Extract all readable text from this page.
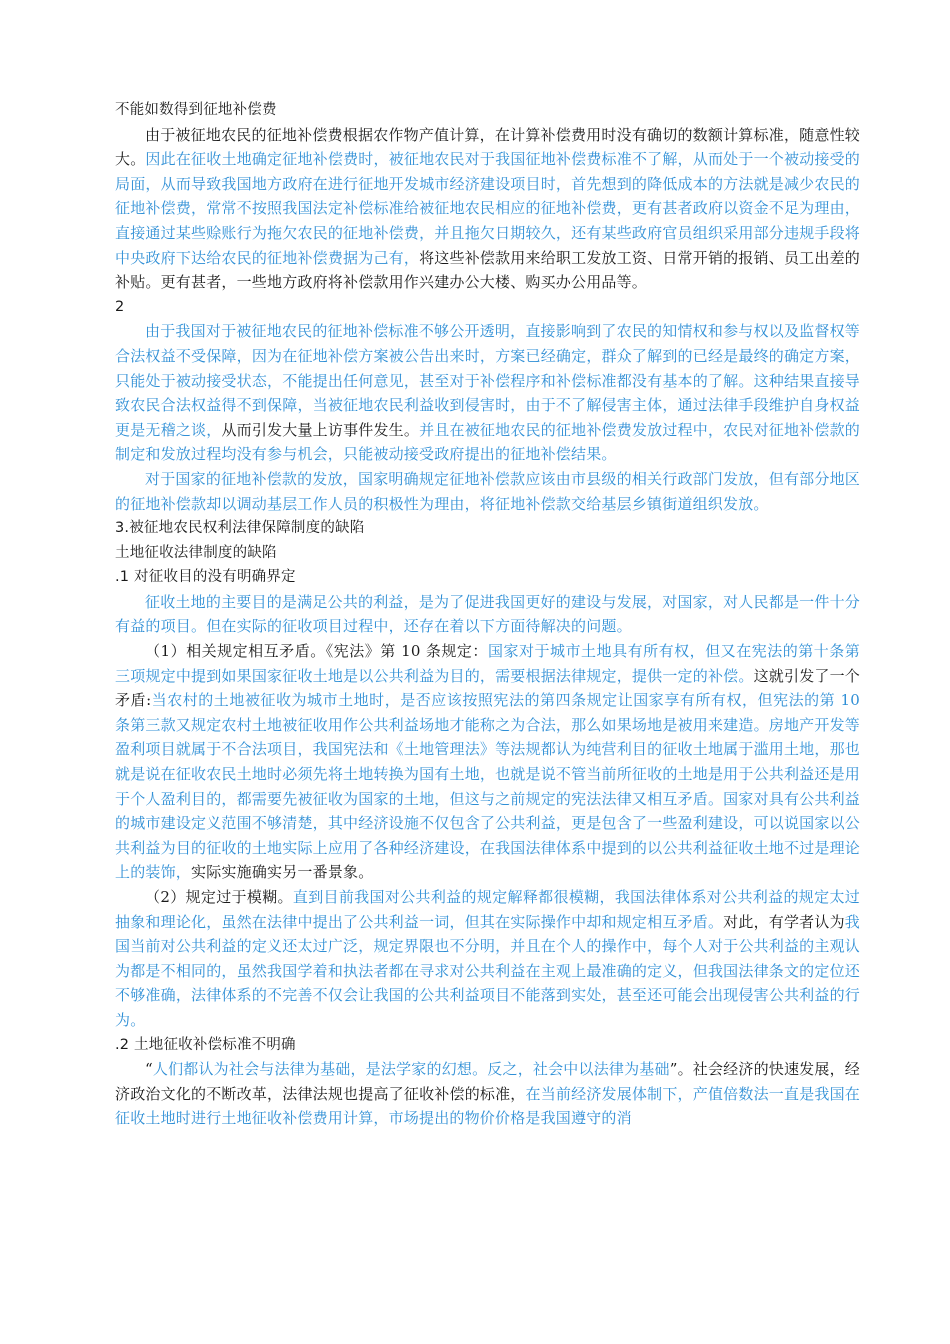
不能如数得到征地补偿费

由于被征地农民的征地补偿费根据农作物产值计算，在计算补偿费用时没有确切的数额计算标准，随意性较大。因此在征收土地确定征地补偿费时，被征地农民对于我国征地补偿费标准不了解，从而处于一个被动接受的局面，从而导致我国地方政府在进行征地开发城市经济建设项目时，首先想到的降低成本的方法就是减少农民的征地补偿费，常常不按照我国法定补偿标准给被征地农民相应的征地补偿费，更有甚者政府以资金不足为理由，直接通过某些赊账行为拖欠农民的征地补偿费，并且拖欠日期较久，还有某些政府官员组织采用部分违规手段将中央政府下达给农民的征地补偿费据为己有，将这些补偿款用来给职工发放工资、日常开销的报销、员工出差的补贴。更有甚者，一些地方政府将补偿款用作兴建办公大楼、购买办公用品等。

2

由于我国对于被征地农民的征地补偿标准不够公开透明，直接影响到了农民的知情权和参与权以及监督权等合法权益不受保障，因为在征地补偿方案被公告出来时，方案已经确定，群众了解到的已经是最终的确定方案，只能处于被动接受状态，不能提出任何意见，甚至对于补偿程序和补偿标准都没有基本的了解。这种结果直接导致农民合法权益得不到保障，当被征地农民利益收到侵害时，由于不了解侵害主体，通过法律手段维护自身权益更是无稽之谈，从而引发大量上访事件发生。并且在被征地农民的征地补偿费发放过程中，农民对征地补偿款的制定和发放过程均没有参与机会，只能被动接受政府提出的征地补偿结果。

对于国家的征地补偿款的发放，国家明确规定征地补偿款应该由市县级的相关行政部门发放，但有部分地区的征地补偿款却以调动基层工作人员的积极性为理由，将征地补偿款交给基层乡镇街道组织发放。

3.被征地农民权利法律保障制度的缺陷

土地征收法律制度的缺陷

.1 对征收目的没有明确界定

征收土地的主要目的是满足公共的利益，是为了促进我国更好的建设与发展，对国家，对人民都是一件十分有益的项目。但在实际的征收项目过程中，还存在着以下方面待解决的问题。

（1）相关规定相互矛盾。《宪法》第 10 条规定：国家对于城市土地具有所有权，但又在宪法的第十条第三项规定中提到如果国家征收土地是以公共利益为目的，需要根据法律规定，提供一定的补偿。这就引发了一个矛盾:当农村的土地被征收为城市土地时，是否应该按照宪法的第四条规定让国家享有所有权，但宪法的第 10 条第三款又规定农村土地被征收用作公共利益场地才能称之为合法，那么如果场地是被用来建造。房地产开发等盈利项目就属于不合法项目，我国宪法和《土地管理法》等法规都认为纯营利目的征收土地属于滥用土地，那也就是说在征收农民土地时必须先将土地转换为国有土地，也就是说不管当前所征收的土地是用于公共利益还是用于个人盈利目的，都需要先被征收为国家的土地，但这与之前规定的宪法法律又相互矛盾。国家对具有公共利益的城市建设定义范围不够清楚，其中经济设施不仅包含了公共利益，更是包含了一些盈利建设，可以说国家以公共利益为目的征收的土地实际上应用了各种经济建设，在我国法律体系中提到的以公共利益征收土地不过是理论上的装饰，实际实施确实另一番景象。

（2）规定过于模糊。直到目前我国对公共利益的规定解释都很模糊，我国法律体系对公共利益的规定太过抽象和理论化，虽然在法律中提出了公共利益一词，但其在实际操作中却和规定相互矛盾。对此，有学者认为我国当前对公共利益的定义还太过广泛，规定界限也不分明，并且在个人的操作中，每个人对于公共利益的主观认为都是不相同的，虽然我国学着和执法者都在寻求对公共利益在主观上最准确的定义，但我国法律条文的定位还不够准确，法律体系的不完善不仅会让我国的公共利益项目不能落到实处，甚至还可能会出现侵害公共利益的行为。

.2 土地征收补偿标准不明确

“人们都认为社会与法律为基础，是法学家的幻想。反之，社会中以法律为基础”。社会经济的快速发展，经济政治文化的不断改革，法律法规也提高了征收补偿的标准，在当前经济发展体制下，产值倍数法一直是我国在征收土地时进行土地征收补偿费用计算，市场提出的物价价格是我国遵守的消
